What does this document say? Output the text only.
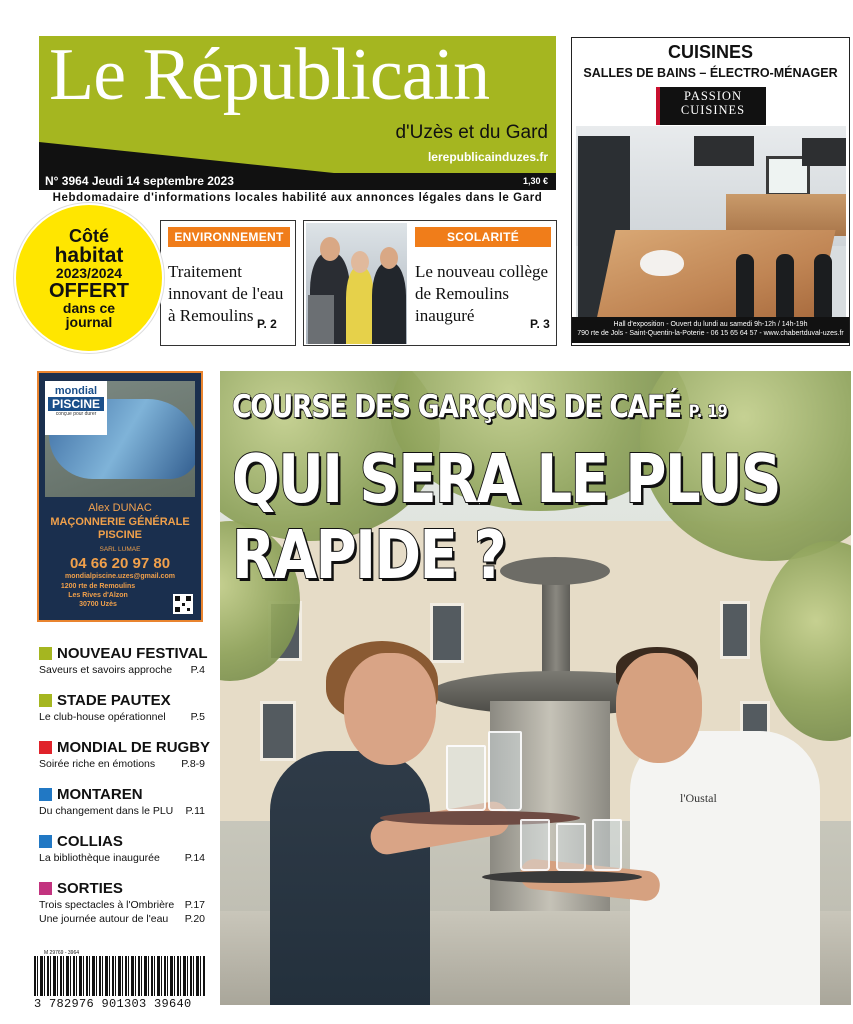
Le Républicain
d'Uzès et du Gard
lerepublicainduzes.fr
N° 3964 Jeudi 14 septembre 2023	1,30 €
Hebdomadaire d'informations locales habilité aux annonces légales dans le Gard
ENVIRONNEMENT
Traitement innovant de l'eau à Remoulins P. 2
SCOLARITÉ
Le nouveau collège de Remoulins inauguré	P. 3
Côté
habitat
2023/2024
OFFERT
dans ce
journal
CUISINES
SALLES DE BAINS – ÉLECTRO-MÉNAGER
PASSION
CUISINES
Hall d'exposition - Ouvert du lundi au samedi 9h-12h / 14h-19h
790 rte de Jols - Saint-Quentin-la-Poterie - 06 15 65 64 57 - www.chabertduval-uzes.fr
mondial
PISCINE
conçue pour durer
Alex DUNAC
MAÇONNERIE GÉNÉRALE
PISCINE
SARL LUMAE
04 66 20 97 80
mondialpiscine.uzes@gmail.com
1200 rte de Remoulins
Les Rives d'Alzon
30700 Uzès
NOUVEAU FESTIVAL
Saveurs et savoirs approche P.4
STADE PAUTEX
Le club-house opérationnel P.5
MONDIAL DE RUGBY
Soirée riche en émotions P.8-9
MONTAREN
Du changement dans le PLU P.11
COLLIAS
La bibliothèque inaugurée P.14
SORTIES
Trois spectacles à l'Ombrière P.17
Une journée autour de l'eau P.20
M 29769 - 3964
3 782976 901303 39640
l'Oustal
COURSE DES GARÇONS DE CAFÉ P. 19
QUI SERA LE PLUS
RAPIDE ?
